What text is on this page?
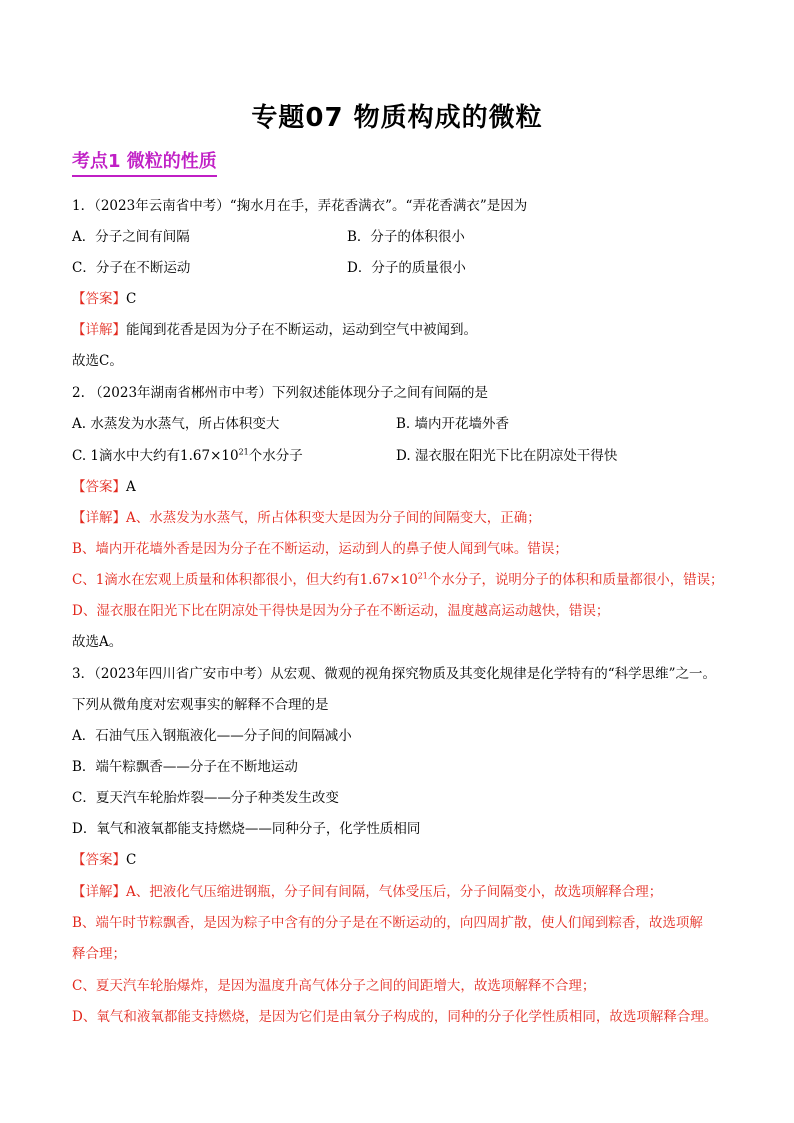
专题07 物质构成的微粒
考点1 微粒的性质
1．（2023年云南省中考）“掬水月在手，弄花香满衣”。“弄花香满衣”是因为
A．分子之间有间隔	B．分子的体积很小
C．分子在不断运动	D．分子的质量很小
【答案】C
【详解】能闻到花香是因为分子在不断运动，运动到空气中被闻到。
故选C。
2. （2023年湖南省郴州市中考）下列叙述能体现分子之间有间隔的是
A. 水蒸发为水蒸气，所占体积变大	B. 墙内开花墙外香
C. 1滴水中大约有$1.67\times 10^{21}$个水分子	D. 湿衣服在阳光下比在阴凉处干得快
【答案】A
【详解】A、水蒸发为水蒸气，所占体积变大是因为分子间的间隔变大，正确；
B、墙内开花墙外香是因为分子在不断运动，运动到人的鼻子使人闻到气味。错误；
C、1滴水在宏观上质量和体积都很小，但大约有$1.67\times 10^{21}$个水分子，说明分子的体积和质量都很小，错误；
D、湿衣服在阳光下比在阴凉处干得快是因为分子在不断运动，温度越高运动越快，错误；
故选A。
3．（2023年四川省广安市中考）从宏观、微观的视角探究物质及其变化规律是化学特有的“科学思维”之一。
下列从微角度对宏观事实的解释不合理的是
A．石油气压入钢瓶液化——分子间的间隔减小
B．端午粽飘香——分子在不断地运动
C．夏天汽车轮胎炸裂——分子种类发生改变
D．氧气和液氧都能支持燃烧——同种分子，化学性质相同
【答案】C
【详解】A、把液化气压缩进钢瓶，分子间有间隔，气体受压后，分子间隔变小，故选项解释合理；
B、端午时节粽飘香，是因为粽子中含有的分子是在不断运动的，向四周扩散，使人们闻到粽香，故选项解
释合理；
C、夏天汽车轮胎爆炸，是因为温度升高气体分子之间的间距增大，故选项解释不合理；
D、氧气和液氧都能支持燃烧，是因为它们是由氧分子构成的，同种的分子化学性质相同，故选项解释合理。
